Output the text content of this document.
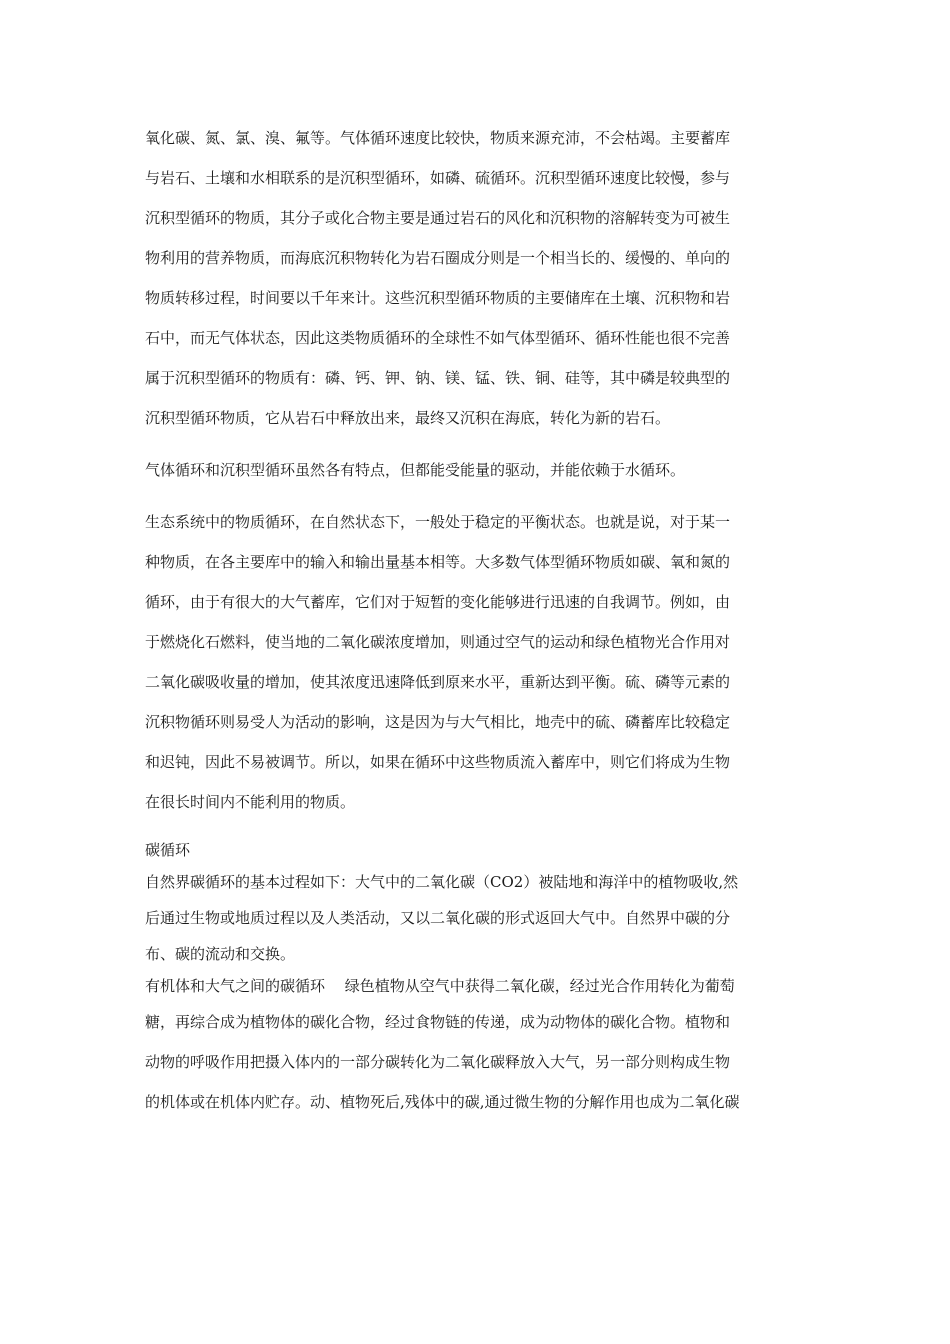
氧化碳、氮、氯、溴、氟等。气体循环速度比较快，物质来源充沛，不会枯竭。主要蓄库
与岩石、土壤和水相联系的是沉积型循环，如磷、硫循环。沉积型循环速度比较慢，参与
沉积型循环的物质，其分子或化合物主要是通过岩石的风化和沉积物的溶解转变为可被生
物利用的营养物质，而海底沉积物转化为岩石圈成分则是一个相当长的、缓慢的、单向的
物质转移过程，时间要以千年来计。这些沉积型循环物质的主要储库在土壤、沉积物和岩
石中，而无气体状态，因此这类物质循环的全球性不如气体型循环、循环性能也很不完善
属于沉积型循环的物质有：磷、钙、钾、钠、镁、锰、铁、铜、硅等，其中磷是较典型的
沉积型循环物质，它从岩石中释放出来，最终又沉积在海底，转化为新的岩石。
气体循环和沉积型循环虽然各有特点，但都能受能量的驱动，并能依赖于水循环。
生态系统中的物质循环，在自然状态下，一般处于稳定的平衡状态。也就是说，对于某一
种物质，在各主要库中的输入和输出量基本相等。大多数气体型循环物质如碳、氧和氮的
循环，由于有很大的大气蓄库，它们对于短暂的变化能够进行迅速的自我调节。例如，由
于燃烧化石燃料，使当地的二氧化碳浓度增加，则通过空气的运动和绿色植物光合作用对
二氧化碳吸收量的增加，使其浓度迅速降低到原来水平，重新达到平衡。硫、磷等元素的
沉积物循环则易受人为活动的影响，这是因为与大气相比，地壳中的硫、磷蓄库比较稳定
和迟钝，因此不易被调节。所以，如果在循环中这些物质流入蓄库中，则它们将成为生物
在很长时间内不能利用的物质。
碳循环
自然界碳循环的基本过程如下：大气中的二氧化碳（CO2）被陆地和海洋中的植物吸收,然
后通过生物或地质过程以及人类活动，又以二氧化碳的形式返回大气中。自然界中碳的分
布、碳的流动和交换。
有机体和大气之间的碳循环　 绿色植物从空气中获得二氧化碳，经过光合作用转化为葡萄
糖，再综合成为植物体的碳化合物，经过食物链的传递，成为动物体的碳化合物。植物和
动物的呼吸作用把摄入体内的一部分碳转化为二氧化碳释放入大气，另一部分则构成生物
的机体或在机体内贮存。动、植物死后,残体中的碳,通过微生物的分解作用也成为二氧化碳
